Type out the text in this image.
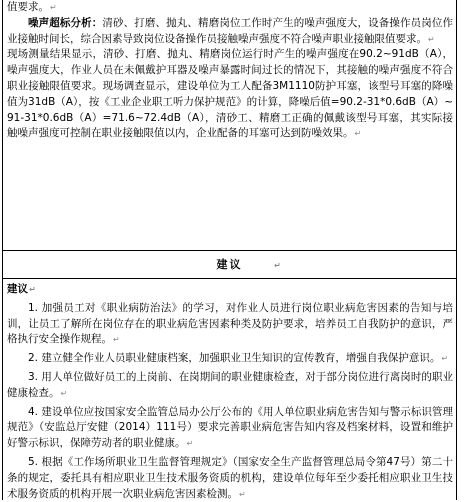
值要求。↵

噪声超标分析：清砂、打磨、抛丸、精磨岗位工作时产生的噪声强度大，设备操作员岗位作业接触时间长，综合因素导致岗位设备操作员接触噪声强度不符合噪声职业接触限值要求。↵

现场测量结果显示，清砂、打磨、抛丸、精磨岗位运行时产生的噪声强度在90.2~91dB（A），噪声强度大，作业人员在未佩戴护耳器及噪声暴露时间过长的情况下，其接触的噪声强度不符合职业接触限值要求。现场调查显示，建设单位为工人配备3M1110防护耳塞，该型号耳塞的降噪值为31dB（A），按《工业企业职工听力保护规范》的计算，降噪后值=90.2-31*0.6dB（A）~91-31*0.6dB（A）=71.6~72.4dB（A），清砂工、精磨工正确的佩戴该型号耳塞，其实际接触噪声强度可控制在职业接触限值以内，企业配备的耳塞可达到防噪效果。↵

建议	↵

建议↵

1. 加强员工对《职业病防治法》的学习，对作业人员进行岗位职业病危害因素的告知与培训，让员工了解所在岗位存在的职业病危害因素种类及防护要求，培养员工自我防护的意识，严格执行安全操作规程。↵

2. 建立健全作业人员职业健康档案，加强职业卫生知识的宣传教育，增强自我保护意识。↵

3. 用人单位做好员工的上岗前、在岗期间的职业健康检查，对于部分岗位进行离岗时的职业健康检查。↵

4. 建设单位应按国家安全监管总局办公厅公布的《用人单位职业病危害告知与警示标识管理规范》（安监总厅安健（2014）111号）要求完善职业病危害告知内容及档案材料，设置和维护好警示标识，保障劳动者的职业健康。↵

5. 根据《工作场所职业卫生监督管理规定》（国家安全生产监督管理总局令第47号）第二十条的规定，委托具有相应职业卫生技术服务资质的机构，建设单位每年至少委托相应职业卫生技术服务资质的机构开展一次职业病危害因素检测。↵
